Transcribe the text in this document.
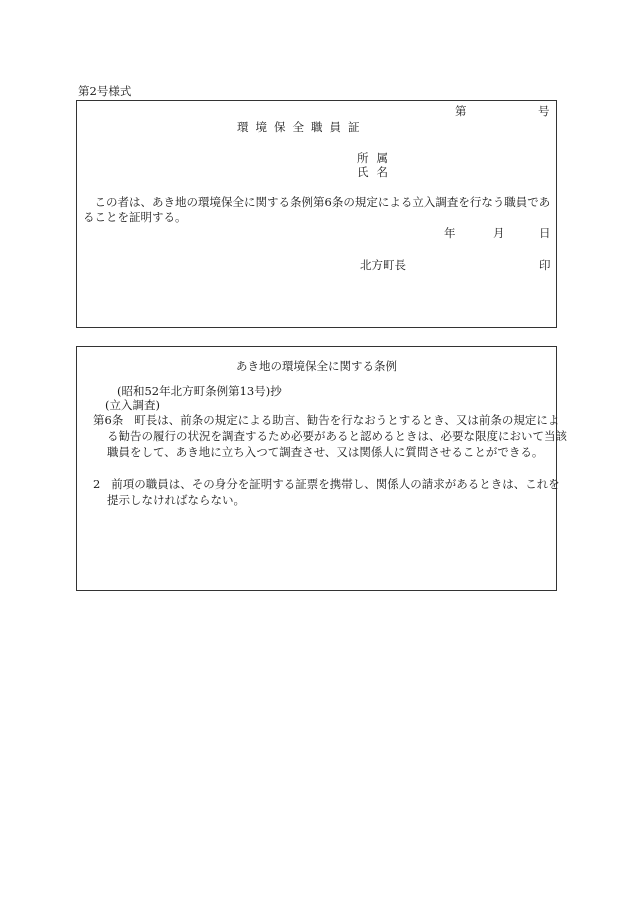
第2号様式
第	号
環境保全職員証
所属
氏名
この者は、あき地の環境保全に関する条例第6条の規定による立入調査を行なう職員であることを証明する。
年	月	日
北方町長	印
あき地の環境保全に関する条例
(昭和52年北方町条例第13号)抄
(立入調査)
第6条 町長は、前条の規定による助言、勧告を行なおうとするとき、又は前条の規定による勧告の履行の状況を調査するため必要があると認めるときは、必要な限度において当該職員をして、あき地に立ち入つて調査させ、又は関係人に質問させることができる。
2 前項の職員は、その身分を証明する証票を携帯し、関係人の請求があるときは、これを提示しなければならない。
